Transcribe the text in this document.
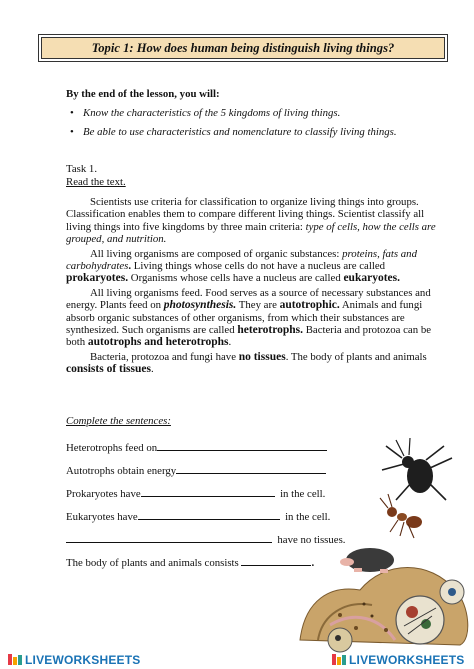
Topic 1: How does human being distinguish living things?
By the end of the lesson, you will:
• Know the characteristics of the 5 kingdoms of living things.
• Be able to use characteristics and nomenclature to classify living things.
Task 1.
Read the text.

Scientists use criteria for classification to organize living things into groups. Classification enables them to compare different living things. Scientist classify all living things into five kingdoms by three main criteria: type of cells, how the cells are grouped, and nutrition.

All living organisms are composed of organic substances: proteins, fats and carbohydrates. Living things whose cells do not have a nucleus are called prokaryotes. Organisms whose cells have a nucleus are called eukaryotes.

All living organisms feed. Food serves as a source of necessary substances and energy. Plants feed on photosynthesis. They are autotrophic. Animals and fungi absorb organic substances of other organisms, from which their substances are synthesized. Such organisms are called heterotrophs. Bacteria and protozoa can be both autotrophs and heterotrophs.

Bacteria, protozoa and fungi have no tissues. The body of plants and animals consists of tissues.

Complete the sentences:
Heterotrophs feed on
Autotrophs obtain energy
Prokaryotes have	in the cell.
Eukaryotes have	in the cell.
have no tissues.
The body of plants and animals consists	.
LIVEWORKSHEETS	LIVEWORKSHEETS
